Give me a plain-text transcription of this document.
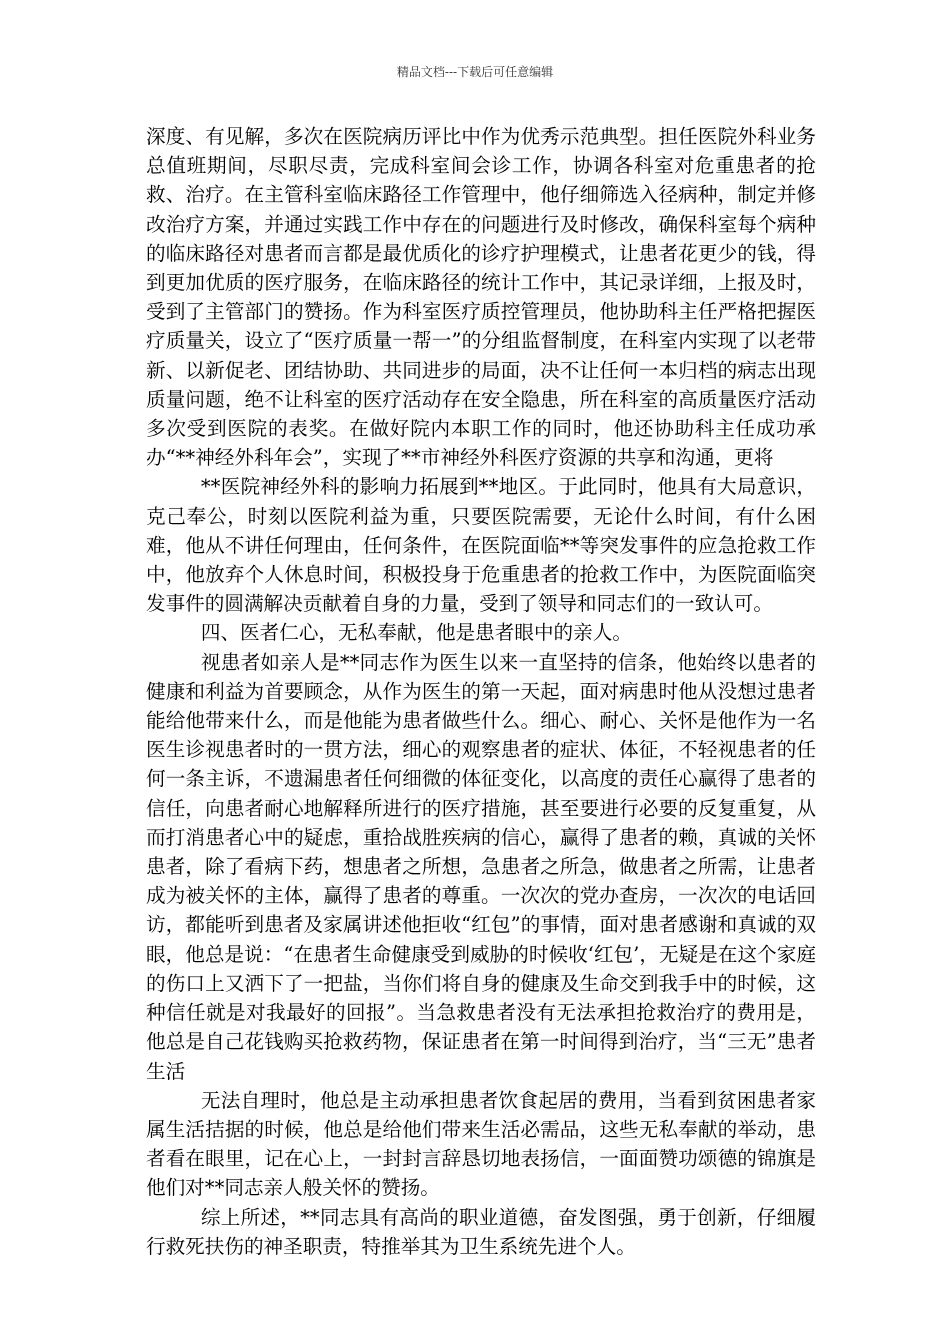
精品文档---下载后可任意编辑

深度、有见解，多次在医院病历评比中作为优秀示范典型。担任医院外科业务总值班期间，尽职尽责，完成科室间会诊工作，协调各科室对危重患者的抢救、治疗。在主管科室临床路径工作管理中，他仔细筛选入径病种，制定并修改治疗方案，并通过实践工作中存在的问题进行及时修改，确保科室每个病种的临床路径对患者而言都是最优质化的诊疗护理模式，让患者花更少的钱，得到更加优质的医疗服务，在临床路径的统计工作中，其记录详细，上报及时，受到了主管部门的赞扬。作为科室医疗质控管理员，他协助科主任严格把握医疗质量关，设立了“医疗质量一帮一”的分组监督制度，在科室内实现了以老带新、以新促老、团结协助、共同进步的局面，决不让任何一本归档的病志出现质量问题，绝不让科室的医疗活动存在安全隐患，所在科室的高质量医疗活动多次受到医院的表奖。在做好院内本职工作的同时，他还协助科主任成功承办“**神经外科年会”，实现了**市神经外科医疗资源的共享和沟通，更将

**医院神经外科的影响力拓展到**地区。于此同时，他具有大局意识，克己奉公，时刻以医院利益为重，只要医院需要，无论什么时间，有什么困难，他从不讲任何理由，任何条件，在医院面临**等突发事件的应急抢救工作中，他放弃个人休息时间，积极投身于危重患者的抢救工作中，为医院面临突发事件的圆满解决贡献着自身的力量，受到了领导和同志们的一致认可。

四、医者仁心，无私奉献，他是患者眼中的亲人。

视患者如亲人是**同志作为医生以来一直坚持的信条，他始终以患者的健康和利益为首要顾念，从作为医生的第一天起，面对病患时他从没想过患者能给他带来什么，而是他能为患者做些什么。细心、耐心、关怀是他作为一名医生诊视患者时的一贯方法，细心的观察患者的症状、体征，不轻视患者的任何一条主诉，不遗漏患者任何细微的体征变化，以高度的责任心赢得了患者的信任，向患者耐心地解释所进行的医疗措施，甚至要进行必要的反复重复，从而打消患者心中的疑虑，重拾战胜疾病的信心，赢得了患者的赖，真诚的关怀患者，除了看病下药，想患者之所想，急患者之所急，做患者之所需，让患者成为被关怀的主体，赢得了患者的尊重。一次次的党办查房，一次次的电话回访，都能听到患者及家属讲述他拒收“红包”的事情，面对患者感谢和真诚的双眼，他总是说：“在患者生命健康受到威胁的时候收‘红包’，无疑是在这个家庭的伤口上又洒下了一把盐，当你们将自身的健康及生命交到我手中的时候，这种信任就是对我最好的回报”。当急救患者没有无法承担抢救治疗的费用是，他总是自己花钱购买抢救药物，保证患者在第一时间得到治疗，当“三无”患者生活

无法自理时，他总是主动承担患者饮食起居的费用，当看到贫困患者家属生活拮据的时候，他总是给他们带来生活必需品，这些无私奉献的举动，患者看在眼里，记在心上，一封封言辞恳切地表扬信，一面面赞功颂德的锦旗是他们对**同志亲人般关怀的赞扬。

综上所述，**同志具有高尚的职业道德，奋发图强，勇于创新，仔细履行救死扶伤的神圣职责，特推举其为卫生系统先进个人。
